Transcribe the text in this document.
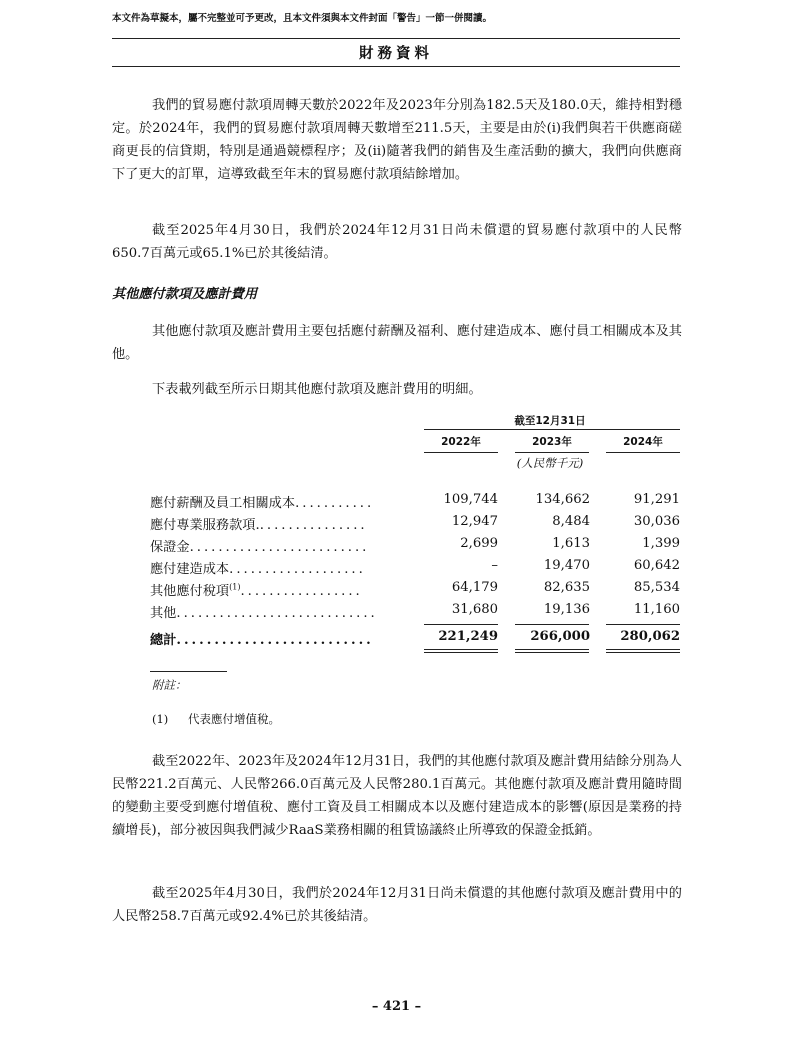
本文件為草擬本，屬不完整並可予更改，且本文件須與本文件封面「警告」一節一併閱讀。
財務資料
我們的貿易應付款項周轉天數於2022年及2023年分別為182.5天及180.0天，維持相對穩定。於2024年，我們的貿易應付款項周轉天數增至211.5天，主要是由於(i)我們與若干供應商磋商更長的信貸期，特別是通過競標程序；及(ii)隨著我們的銷售及生產活動的擴大，我們向供應商下了更大的訂單，這導致截至年末的貿易應付款項結餘增加。
截至2025年4月30日，我們於2024年12月31日尚未償還的貿易應付款項中的人民幣650.7百萬元或65.1%已於其後結清。
其他應付款項及應計費用
其他應付款項及應計費用主要包括應付薪酬及福利、應付建造成本、應付員工相關成本及其他。
下表載列截至所示日期其他應付款項及應計費用的明細。
截至12月31日
2022年	2023年	2024年
(人民幣千元)
應付薪酬及員工相關成本...........	109,744	134,662	91,291
應付專業服務款項................	12,947	8,484	30,036
保證金.........................	2,699	1,613	1,399
應付建造成本...................	–	19,470	60,642
其他應付稅項$^{(1)}$.................	64,179	82,635	85,534
其他............................	31,680	19,136	11,160
總計..........................	221,249	266,000	280,062
附註：
(1) 代表應付增值稅。
截至2022年、2023年及2024年12月31日，我們的其他應付款項及應計費用結餘分別為人民幣221.2百萬元、人民幣266.0百萬元及人民幣280.1百萬元。其他應付款項及應計費用隨時間的變動主要受到應付增值稅、應付工資及員工相關成本以及應付建造成本的影響(原因是業務的持續增長)，部分被因與我們減少RaaS業務相關的租賃協議終止所導致的保證金抵銷。
截至2025年4月30日，我們於2024年12月31日尚未償還的其他應付款項及應計費用中的人民幣258.7百萬元或92.4%已於其後結清。
– 421 –
